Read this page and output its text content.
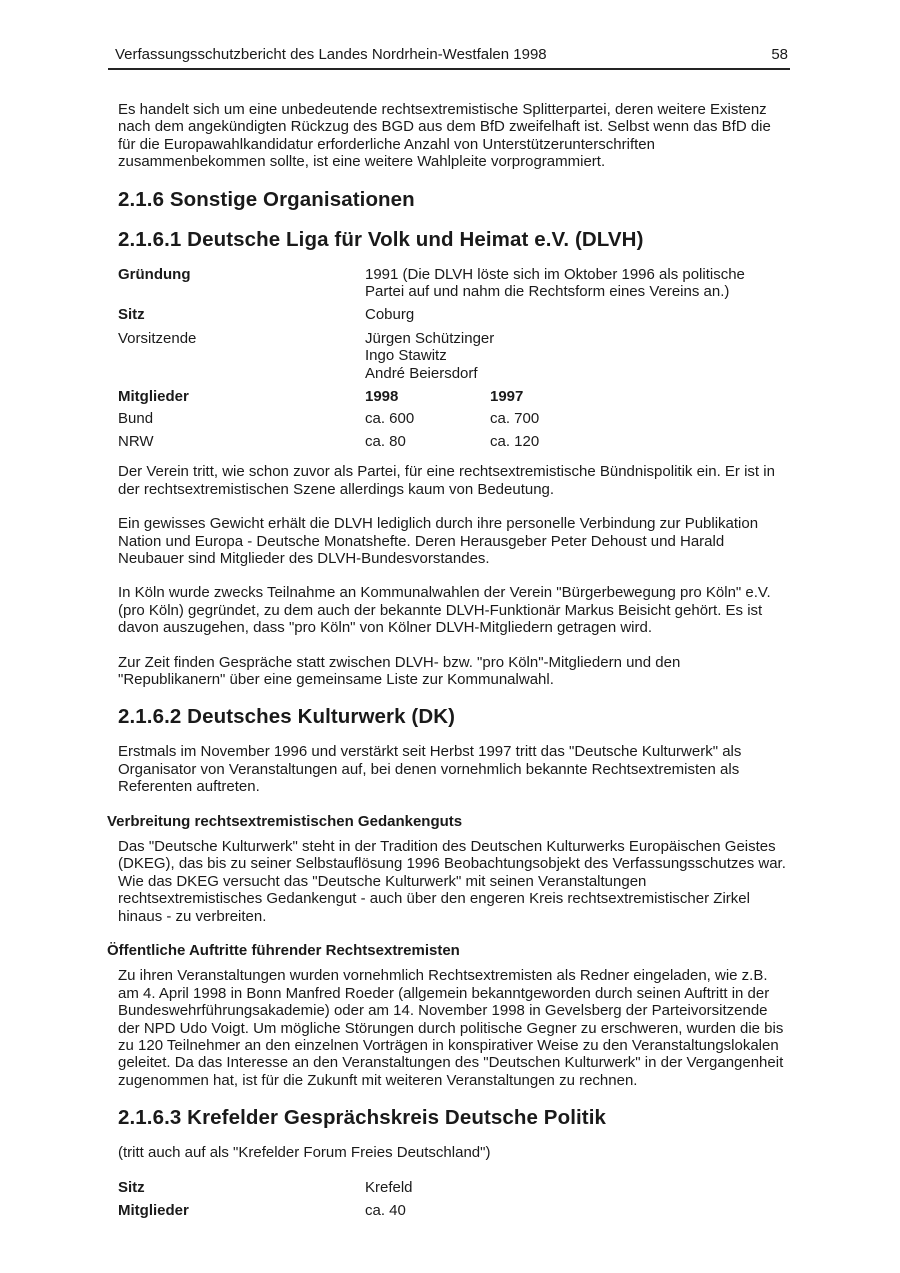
Verfassungsschutzbericht des Landes Nordrhein-Westfalen 1998	58

Es handelt sich um eine unbedeutende rechtsextremistische Splitterpartei, deren weitere Existenz nach dem angekündigten Rückzug des BGD aus dem BfD zweifelhaft ist. Selbst wenn das BfD die für die Europawahlkandidatur erforderliche Anzahl von Unterstützerunterschriften zusammenbekommen sollte, ist eine weitere Wahlpleite vorprogrammiert.

2.1.6 Sonstige Organisationen
2.1.6.1 Deutsche Liga für Volk und Heimat e.V. (DLVH)
Gründung	1991 (Die DLVH löste sich im Oktober 1996 als politische Partei auf und nahm die Rechtsform eines Vereins an.)
Sitz	Coburg
Vorsitzende	Jürgen Schützinger
Ingo Stawitz
André Beiersdorf
Mitglieder	1998	1997
Bund	ca. 600	ca. 700
NRW	ca. 80	ca. 120

Der Verein tritt, wie schon zuvor als Partei, für eine rechtsextremistische Bündnispolitik ein. Er ist in der rechtsextremistischen Szene allerdings kaum von Bedeutung.

Ein gewisses Gewicht erhält die DLVH lediglich durch ihre personelle Verbindung zur Publikation Nation und Europa - Deutsche Monatshefte. Deren Herausgeber Peter Dehoust und Harald Neubauer sind Mitglieder des DLVH-Bundesvorstandes.

In Köln wurde zwecks Teilnahme an Kommunalwahlen der Verein "Bürgerbewegung pro Köln" e.V. (pro Köln) gegründet, zu dem auch der bekannte DLVH-Funktionär Markus Beisicht gehört. Es ist davon auszugehen, dass "pro Köln" von Kölner DLVH-Mitgliedern getragen wird.

Zur Zeit finden Gespräche statt zwischen DLVH- bzw. "pro Köln"-Mitgliedern und den "Republikanern" über eine gemeinsame Liste zur Kommunalwahl.

2.1.6.2 Deutsches Kulturwerk (DK)

Erstmals im November 1996 und verstärkt seit Herbst 1997 tritt das "Deutsche Kulturwerk" als Organisator von Veranstaltungen auf, bei denen vornehmlich bekannte Rechtsextremisten als Referenten auftreten.

Verbreitung rechtsextremistischen Gedankenguts

Das "Deutsche Kulturwerk" steht in der Tradition des Deutschen Kulturwerks Europäischen Geistes (DKEG), das bis zu seiner Selbstauflösung 1996 Beobachtungsobjekt des Verfassungsschutzes war. Wie das DKEG versucht das "Deutsche Kulturwerk" mit seinen Veranstaltungen rechtsextremistisches Gedankengut - auch über den engeren Kreis rechtsextremistischer Zirkel hinaus - zu verbreiten.

Öffentliche Auftritte führender Rechtsextremisten

Zu ihren Veranstaltungen wurden vornehmlich Rechtsextremisten als Redner eingeladen, wie z.B. am 4. April 1998 in Bonn Manfred Roeder (allgemein bekanntgeworden durch seinen Auftritt in der Bundeswehrführungsakademie) oder am 14. November 1998 in Gevelsberg der Parteivorsitzende der NPD Udo Voigt. Um mögliche Störungen durch politische Gegner zu erschweren, wurden die bis zu 120 Teilnehmer an den einzelnen Vorträgen in konspirativer Weise zu den Veranstaltungslokalen geleitet. Da das Interesse an den Veranstaltungen des "Deutschen Kulturwerk" in der Vergangenheit zugenommen hat, ist für die Zukunft mit weiteren Veranstaltungen zu rechnen.

2.1.6.3 Krefelder Gesprächskreis Deutsche Politik

(tritt auch auf als "Krefelder Forum Freies Deutschland")

Sitz	Krefeld
Mitglieder	ca. 40
